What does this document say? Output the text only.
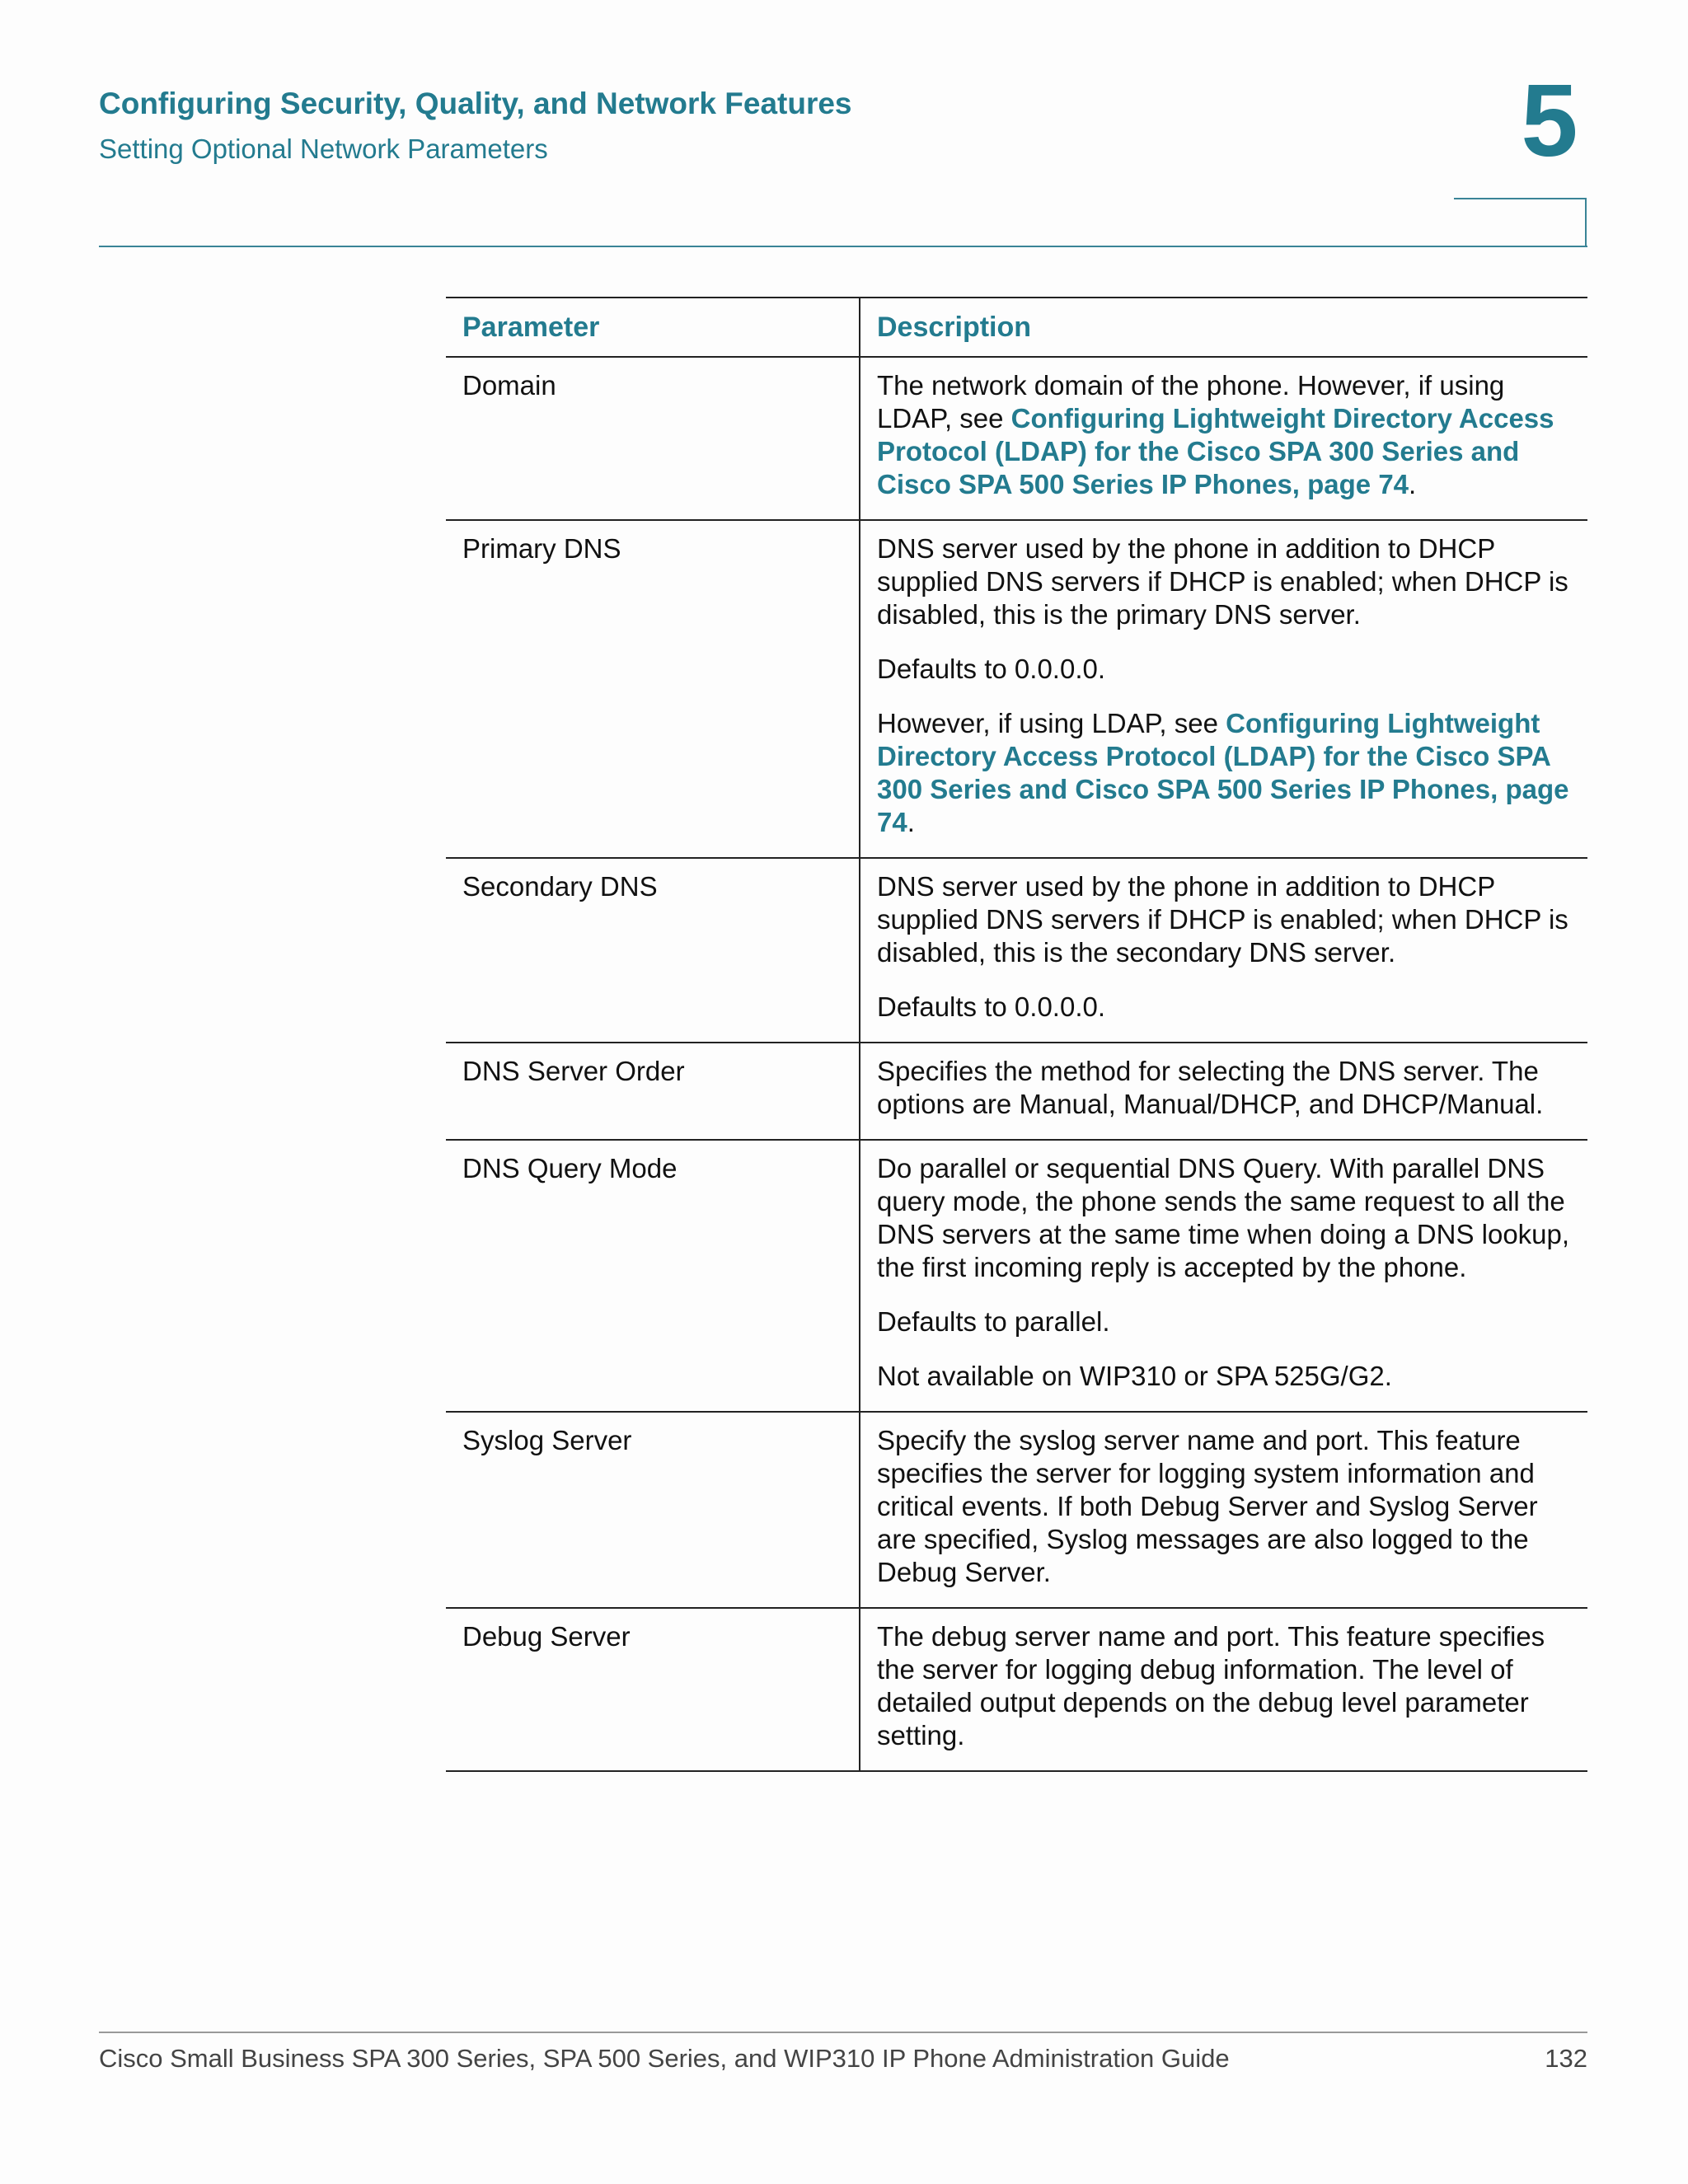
Configuring Security, Quality, and Network Features
Setting Optional Network Parameters	5
Parameter	Description
Domain	The network domain of the phone. However, if using LDAP, see Configuring Lightweight Directory Access Protocol (LDAP) for the Cisco SPA 300 Series and Cisco SPA 500 Series IP Phones, page 74.

Primary DNS	DNS server used by the phone in addition to DHCP supplied DNS servers if DHCP is enabled; when DHCP is disabled, this is the primary DNS server.

Defaults to 0.0.0.0.

However, if using LDAP, see Configuring Lightweight Directory Access Protocol (LDAP) for the Cisco SPA 300 Series and Cisco SPA 500 Series IP Phones, page 74.

Secondary DNS	DNS server used by the phone in addition to DHCP supplied DNS servers if DHCP is enabled; when DHCP is disabled, this is the secondary DNS server.

Defaults to 0.0.0.0.

DNS Server Order	Specifies the method for selecting the DNS server. The options are Manual, Manual/DHCP, and DHCP/Manual.

DNS Query Mode	Do parallel or sequential DNS Query. With parallel DNS query mode, the phone sends the same request to all the DNS servers at the same time when doing a DNS lookup, the first incoming reply is accepted by the phone.

Defaults to parallel.

Not available on WIP310 or SPA 525G/G2.

Syslog Server	Specify the syslog server name and port. This feature specifies the server for logging system information and critical events. If both Debug Server and Syslog Server are specified, Syslog messages are also logged to the Debug Server.

Debug Server	The debug server name and port. This feature specifies the server for logging debug information. The level of detailed output depends on the debug level parameter setting.

Cisco Small Business SPA 300 Series, SPA 500 Series, and WIP310 IP Phone Administration Guide	132
